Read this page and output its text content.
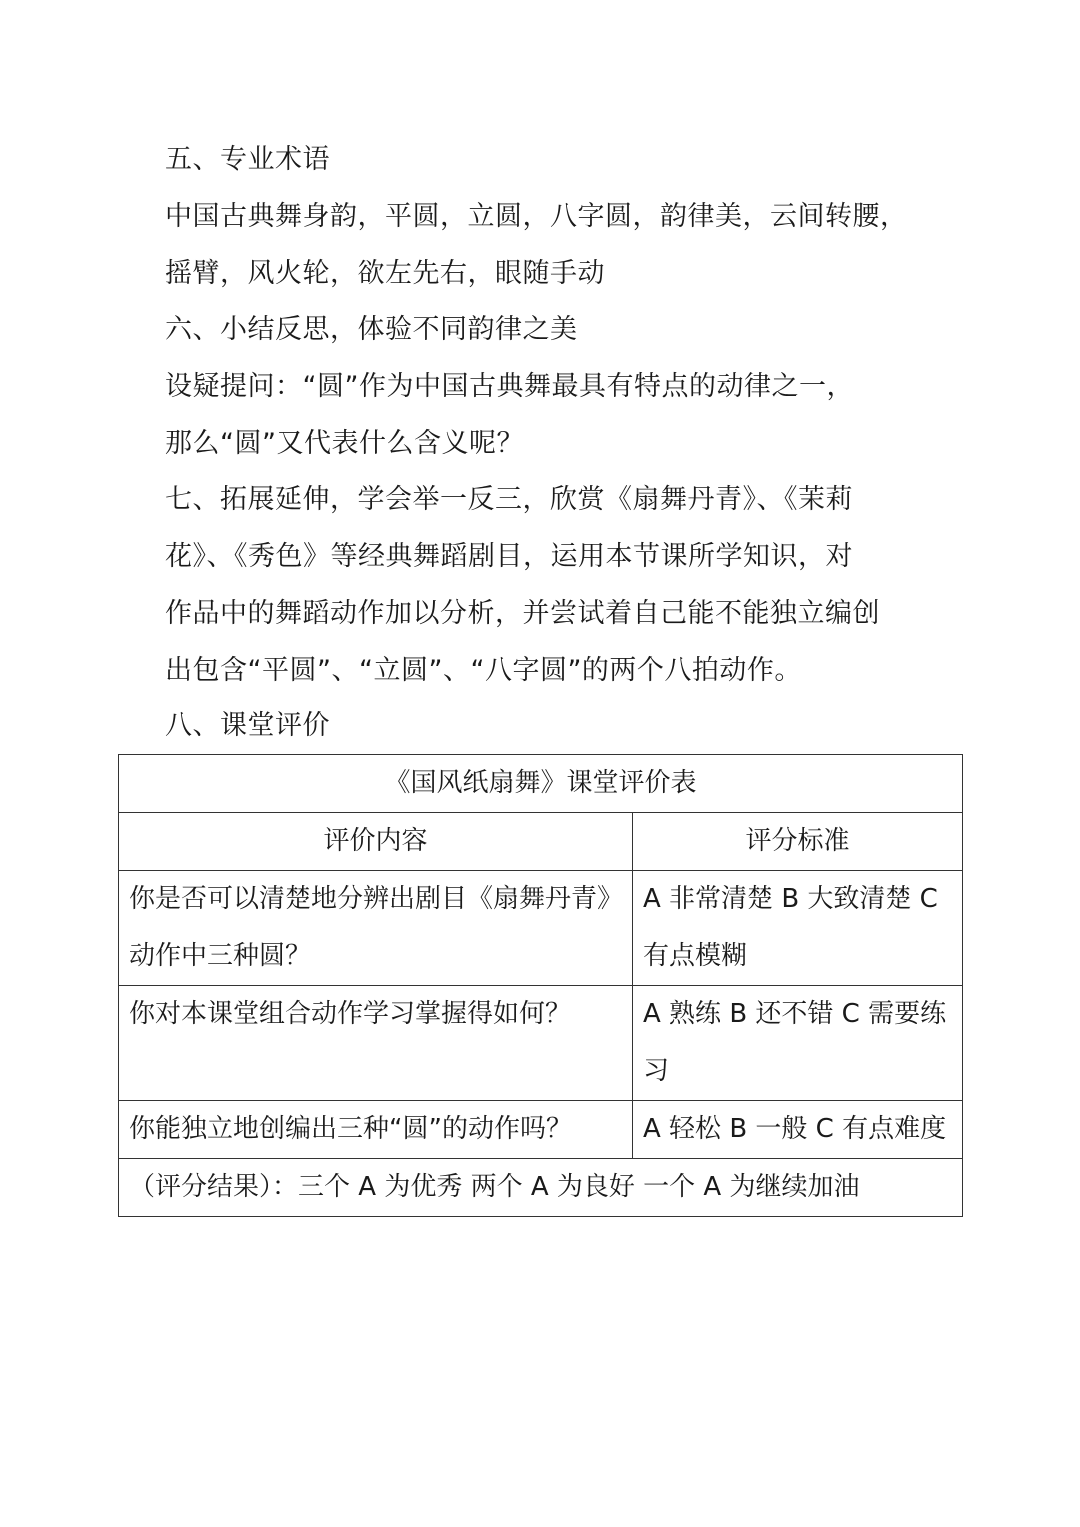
五、专业术语
中国古典舞身韵，平圆，立圆，八字圆，韵律美，云间转腰，
摇臂，风火轮，欲左先右，眼随手动
六、小结反思，体验不同韵律之美
设疑提问：“圆”作为中国古典舞最具有特点的动律之一，
那么“圆”又代表什么含义呢？
七、拓展延伸，学会举一反三，欣赏《扇舞丹青》、《茉莉
花》、《秀色》等经典舞蹈剧目，运用本节课所学知识，对
作品中的舞蹈动作加以分析，并尝试着自己能不能独立编创
出包含“平圆”、“立圆”、“八字圆”的两个八拍动作。
八、课堂评价
《国风纸扇舞》课堂评价表	
评价内容	评分标准
你是否可以清楚地分辨出剧目《扇舞丹青》动作中三种圆？	A 非常清楚 B 大致清楚 C 有点模糊
你对本课堂组合动作学习掌握得如何？	A 熟练 B 还不错 C 需要练习
你能独立地创编出三种“圆”的动作吗？	A 轻松 B 一般 C 有点难度
（评分结果）：三个 A 为优秀 两个 A 为良好 一个 A 为继续加油	
